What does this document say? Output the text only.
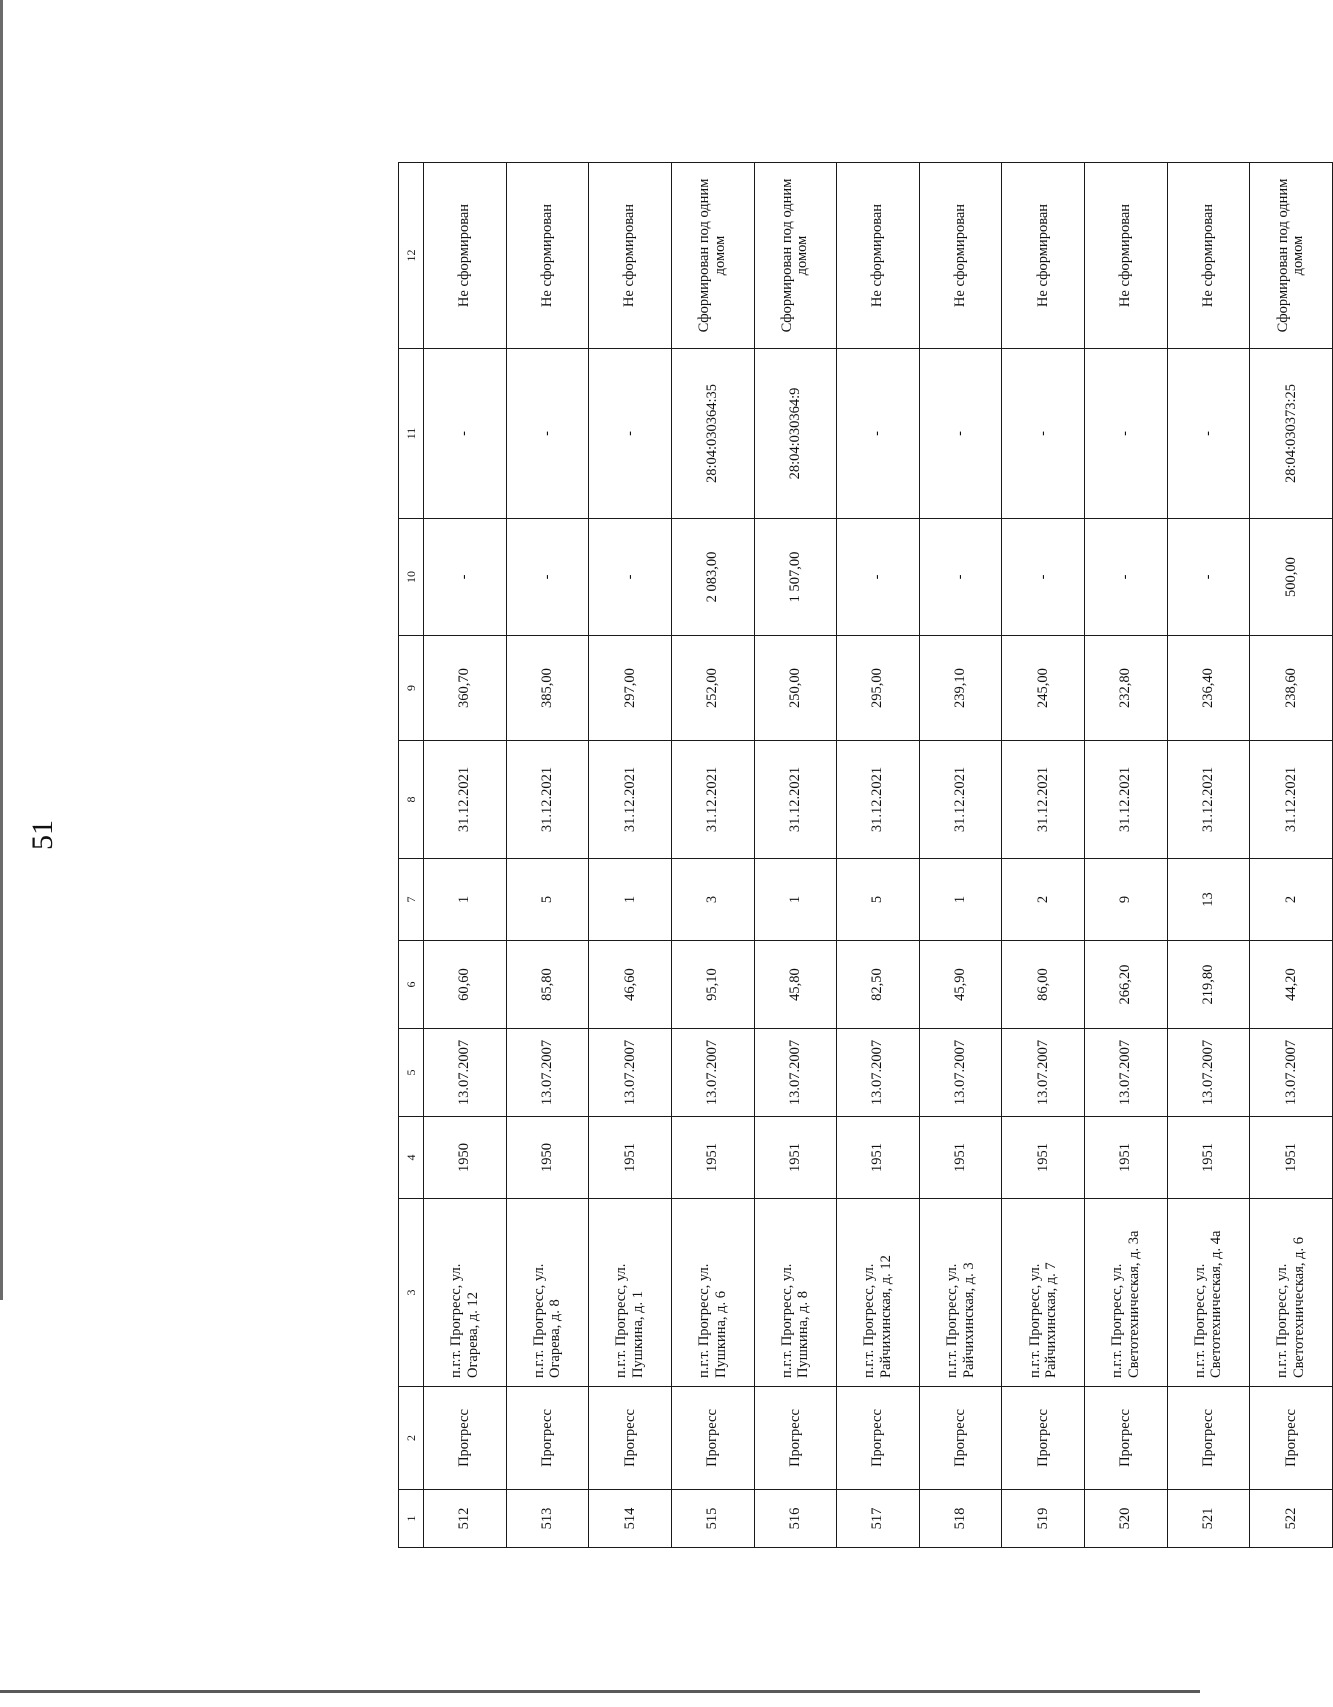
51
1	2	3	4	5	6	7	8	9	10	11	12
512	Прогресс	п.г.т. Прогресс, ул. Огарева, д. 12	1950	13.07.2007	60,60	1	31.12.2021	360,70	-	-	Не сформирован
513	Прогресс	п.г.т. Прогресс, ул. Огарева, д. 8	1950	13.07.2007	85,80	5	31.12.2021	385,00	-	-	Не сформирован
514	Прогресс	п.г.т. Прогресс, ул. Пушкина, д. 1	1951	13.07.2007	46,60	1	31.12.2021	297,00	-	-	Не сформирован
515	Прогресс	п.г.т. Прогресс, ул. Пушкина, д. 6	1951	13.07.2007	95,10	3	31.12.2021	252,00	2 083,00	28:04:030364:35	Сформирован под одним домом
516	Прогресс	п.г.т. Прогресс, ул. Пушкина, д. 8	1951	13.07.2007	45,80	1	31.12.2021	250,00	1 507,00	28:04:030364:9	Сформирован под одним домом
517	Прогресс	п.г.т. Прогресс, ул. Райчихинская, д. 12	1951	13.07.2007	82,50	5	31.12.2021	295,00	-	-	Не сформирован
518	Прогресс	п.г.т. Прогресс, ул. Райчихинская, д. 3	1951	13.07.2007	45,90	1	31.12.2021	239,10	-	-	Не сформирован
519	Прогресс	п.г.т. Прогресс, ул. Райчихинская, д. 7	1951	13.07.2007	86,00	2	31.12.2021	245,00	-	-	Не сформирован
520	Прогресс	п.г.т. Прогресс, ул. Светотехническая, д. 3а	1951	13.07.2007	266,20	9	31.12.2021	232,80	-	-	Не сформирован
521	Прогресс	п.г.т. Прогресс, ул. Светотехническая, д. 4а	1951	13.07.2007	219,80	13	31.12.2021	236,40	-	-	Не сформирован
522	Прогресс	п.г.т. Прогресс, ул. Светотехническая, д. 6	1951	13.07.2007	44,20	2	31.12.2021	238,60	500,00	28:04:030373:25	Сформирован под одним домом
